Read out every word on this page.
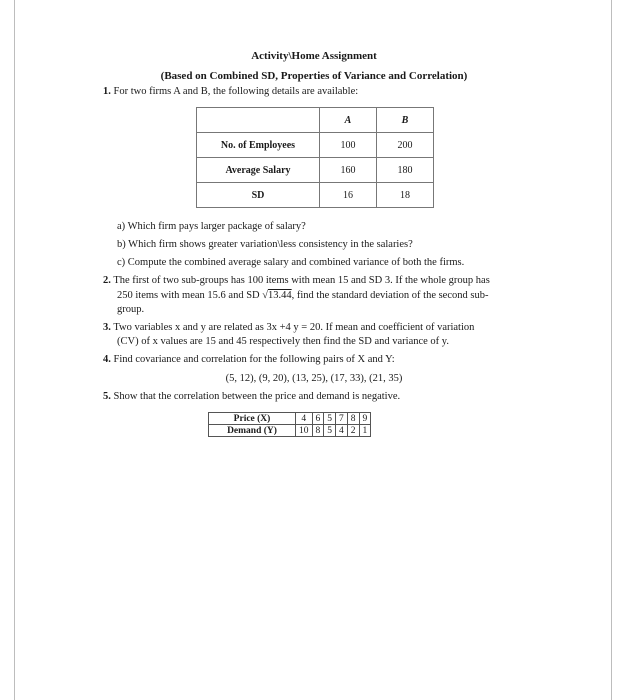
Activity\Home Assignment
(Based on Combined SD, Properties of Variance and Correlation)
1. For two firms A and B, the following details are available:
	A	B
No. of Employees	100	200
Average Salary	160	180
SD	16	18
a) Which firm pays larger package of salary?
b) Which firm shows greater variation\less consistency in the salaries?
c) Compute the combined average salary and combined variance of both the firms.
2. The first of two sub-groups has 100 items with mean 15 and SD 3. If the whole group has
250 items with mean 15.6 and SD √13.44, find the standard deviation of the second sub-
group.
3. Two variables x and y are related as 3x +4 y = 20. If mean and coefficient of variation
(CV) of x values are 15 and 45 respectively then find the SD and variance of y.
4. Find covariance and correlation for the following pairs of X and Y:
(5, 12), (9, 20), (13, 25), (17, 33), (21, 35)
5. Show that the correlation between the price and demand is negative.
Price (X)	4	6	5	7	8	9
Demand (Y)	10	8	5	4	2	1
